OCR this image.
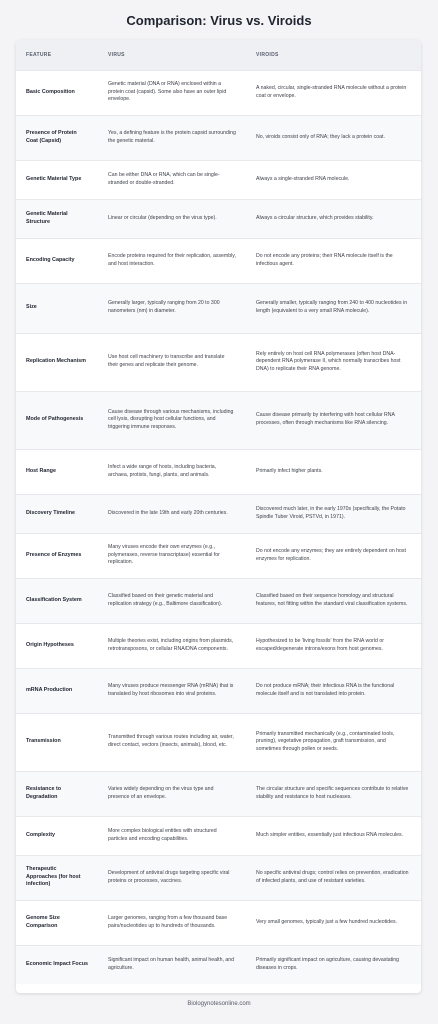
Comparison: Virus vs. Viroids
FEATURE	VIRUS	VIROIDS
Basic Composition	Genetic material (DNA or RNA) enclosed within a protein coat (capsid). Some also have an outer lipid envelope.	A naked, circular, single-stranded RNA molecule without a protein coat or envelope.
Presence of Protein Coat (Capsid)	Yes, a defining feature is the protein capsid surrounding the genetic material.	No, viroids consist only of RNA; they lack a protein coat.
Genetic Material Type	Can be either DNA or RNA, which can be single-stranded or double-stranded.	Always a single-stranded RNA molecule.
Genetic Material Structure	Linear or circular (depending on the virus type).	Always a circular structure, which provides stability.
Encoding Capacity	Encode proteins required for their replication, assembly, and host interaction.	Do not encode any proteins; their RNA molecule itself is the infectious agent.
Size	Generally larger, typically ranging from 20 to 300 nanometers (nm) in diameter.	Generally smaller, typically ranging from 240 to 400 nucleotides in length (equivalent to a very small RNA molecule).
Replication Mechanism	Use host cell machinery to transcribe and translate their genes and replicate their genome.	Rely entirely on host cell RNA polymerases (often host DNA-dependent RNA polymerase II, which normally transcribes host DNA) to replicate their RNA genome.
Mode of Pathogenesis	Cause disease through various mechanisms, including cell lysis, disrupting host cellular functions, and triggering immune responses.	Cause disease primarily by interfering with host cellular RNA processes, often through mechanisms like RNA silencing.
Host Range	Infect a wide range of hosts, including bacteria, archaea, protists, fungi, plants, and animals.	Primarily infect higher plants.
Discovery Timeline	Discovered in the late 19th and early 20th centuries.	Discovered much later, in the early 1970s (specifically, the Potato Spindle Tuber Viroid, PSTVd, in 1971).
Presence of Enzymes	Many viruses encode their own enzymes (e.g., polymerases, reverse transcriptase) essential for replication.	Do not encode any enzymes; they are entirely dependent on host enzymes for replication.
Classification System	Classified based on their genetic material and replication strategy (e.g., Baltimore classification).	Classified based on their sequence homology and structural features, not fitting within the standard viral classification systems.
Origin Hypotheses	Multiple theories exist, including origins from plasmids, retrotransposons, or cellular RNA/DNA components.	Hypothesized to be 'living fossils' from the RNA world or escaped/degenerate introns/exons from host genomes.
mRNA Production	Many viruses produce messenger RNA (mRNA) that is translated by host ribosomes into viral proteins.	Do not produce mRNA; their infectious RNA is the functional molecule itself and is not translated into protein.
Transmission	Transmitted through various routes including air, water, direct contact, vectors (insects, animals), blood, etc.	Primarily transmitted mechanically (e.g., contaminated tools, pruning), vegetative propagation, graft transmission, and sometimes through pollen or seeds.
Resistance to Degradation	Varies widely depending on the virus type and presence of an envelope.	The circular structure and specific sequences contribute to relative stability and resistance to host nucleases.
Complexity	More complex biological entities with structured particles and encoding capabilities.	Much simpler entities, essentially just infectious RNA molecules.
Therapeutic Approaches (for host infection)	Development of antiviral drugs targeting specific viral proteins or processes, vaccines.	No specific antiviral drugs; control relies on prevention, eradication of infected plants, and use of resistant varieties.
Genome Size Comparison	Larger genomes, ranging from a few thousand base pairs/nucleotides up to hundreds of thousands.	Very small genomes, typically just a few hundred nucleotides.
Economic Impact Focus	Significant impact on human health, animal health, and agriculture.	Primarily significant impact on agriculture, causing devastating diseases in crops.
Biologynotesonline.com
